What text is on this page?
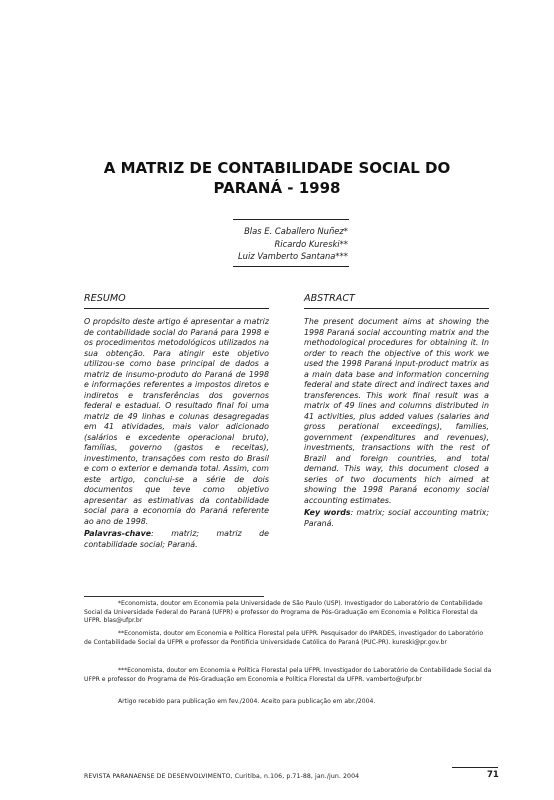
A MATRIZ DE CONTABILIDADE SOCIAL DO
PARANÁ - 1998
Blas E. Caballero Nuñez*
Ricardo Kureski**
Luiz Vamberto Santana***
RESUMO
O propósito deste artigo é apresentar a matriz de contabilidade social do Paraná para 1998 e os procedimentos metodológicos utilizados na sua obtenção. Para atingir este objetivo utilizou-se como base principal de dados a matriz de insumo-produto do Paraná de 1998 e informações referentes a impostos diretos e indiretos e transferências dos governos federal e estadual. O resultado final foi uma matriz de 49 linhas e colunas desagregadas em 41 atividades, mais valor adicionado (salários e excedente operacional bruto), famílias, governo (gastos e receitas), investimento, transações com resto do Brasil e com o exterior e demanda total. Assim, com este artigo, conclui-se a série de dois documentos que teve como objetivo apresentar as estimativas da contabilidade social para a economia do Paraná referente ao ano de 1998.
Palavras-chave: matriz; matriz de contabilidade social; Paraná.
ABSTRACT
The present document aims at showing the 1998 Paraná social accounting matrix and the methodological procedures for obtaining it. In order to reach the objective of this work we used the 1998 Paraná input-product matrix as a main data base and information concerning federal and state direct and indirect taxes and transferences. This work final result was a matrix of 49 lines and columns distributed in 41 activities, plus added values (salaries and gross perational exceedings), families, government (expenditures and revenues), investments, transactions with the rest of Brazil and foreign countries, and total demand. This way, this document closed a series of two documents hich aimed at showing the 1998 Paraná economy social accounting estimates.
Key words: matrix; social accounting matrix; Paraná.
*Economista, doutor em Economia pela Universidade de São Paulo (USP). Investigador do Laboratório de Contabilidade Social da Universidade Federal do Paraná (UFPR) e professor do Programa de Pós-Graduação em Economia e Política Florestal da UFPR. blas@ufpr.br
**Economista, doutor em Economia e Política Florestal pela UFPR. Pesquisador do IPARDES, investigador do Laboratório de Contabilidade Social da UFPR e professor da Pontifícia Universidade Católica do Paraná (PUC-PR). kureski@pr.gov.br
***Economista, doutor em Economia e Política Florestal pela UFPR. Investigador do Laboratório de Contabilidade Social da UFPR e professor do Programa de Pós-Graduação em Economia e Política Florestal da UFPR. vamberto@ufpr.br
Artigo recebido para publicação em fev./2004. Aceito para publicação em abr./2004.
REVISTA PARANAENSE DE DESENVOLVIMENTO, Curitiba, n.106, p.71-88, jan./jun. 2004	71
